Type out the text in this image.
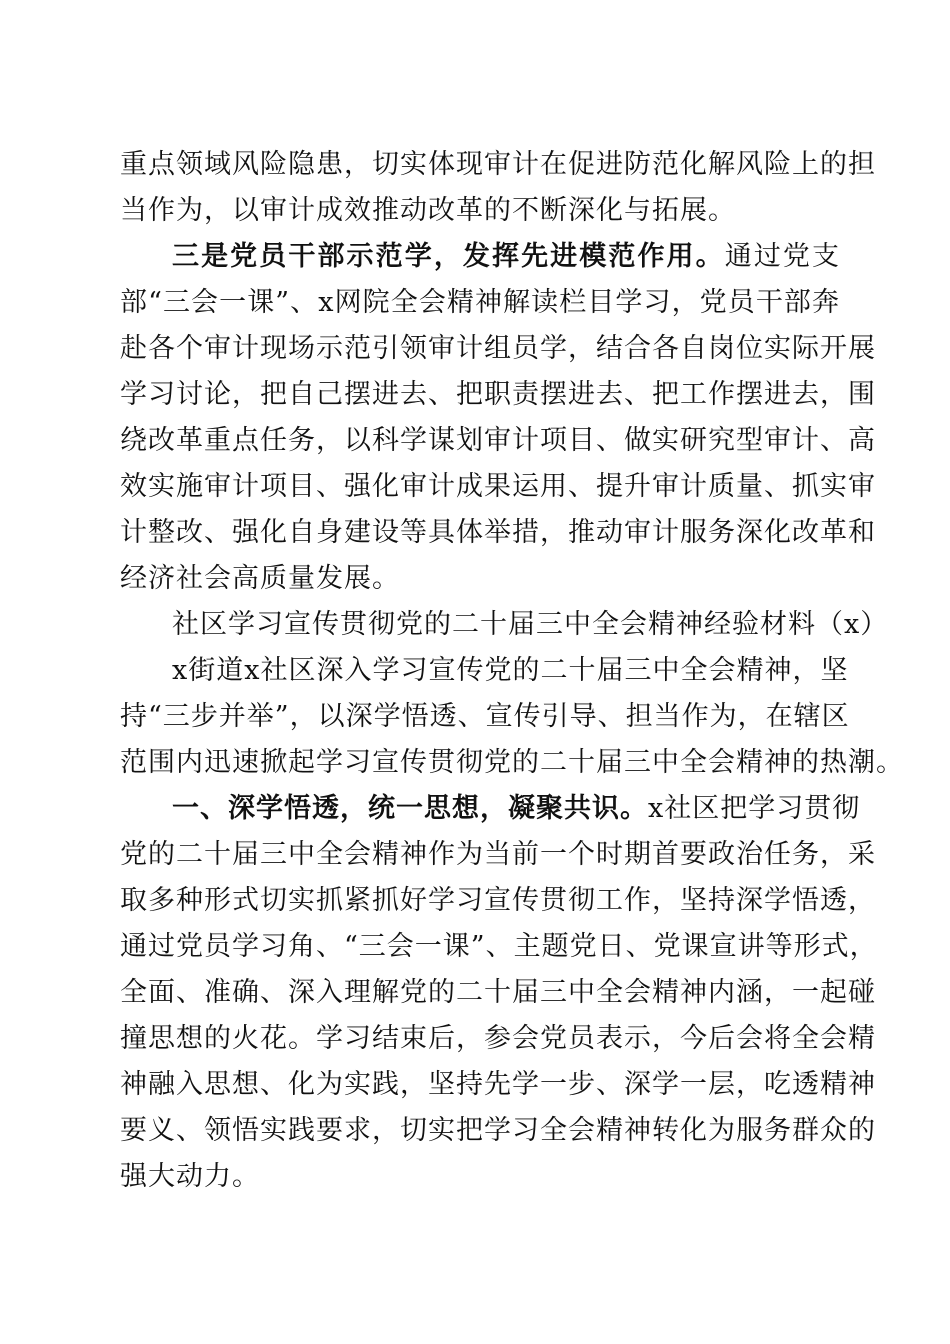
重点领域风险隐患，切实体现审计在促进防范化解风险上的担
当作为，以审计成效推动改革的不断深化与拓展。
三是党员干部示范学，发挥先进模范作用。通过党支
部“三会一课”、x网院全会精神解读栏目学习，党员干部奔
赴各个审计现场示范引领审计组员学，结合各自岗位实际开展
学习讨论，把自己摆进去、把职责摆进去、把工作摆进去，围
绕改革重点任务，以科学谋划审计项目、做实研究型审计、高
效实施审计项目、强化审计成果运用、提升审计质量、抓实审
计整改、强化自身建设等具体举措，推动审计服务深化改革和
经济社会高质量发展。
社区学习宣传贯彻党的二十届三中全会精神经验材料（x）
x街道x社区深入学习宣传党的二十届三中全会精神，坚
持“三步并举”，以深学悟透、宣传引导、担当作为，在辖区
范围内迅速掀起学习宣传贯彻党的二十届三中全会精神的热潮。
一、深学悟透，统一思想，凝聚共识。x社区把学习贯彻
党的二十届三中全会精神作为当前一个时期首要政治任务，采
取多种形式切实抓紧抓好学习宣传贯彻工作，坚持深学悟透，
通过党员学习角、“三会一课”、主题党日、党课宣讲等形式，
全面、准确、深入理解党的二十届三中全会精神内涵，一起碰
撞思想的火花。学习结束后，参会党员表示，今后会将全会精
神融入思想、化为实践，坚持先学一步、深学一层，吃透精神
要义、领悟实践要求，切实把学习全会精神转化为服务群众的
强大动力。
